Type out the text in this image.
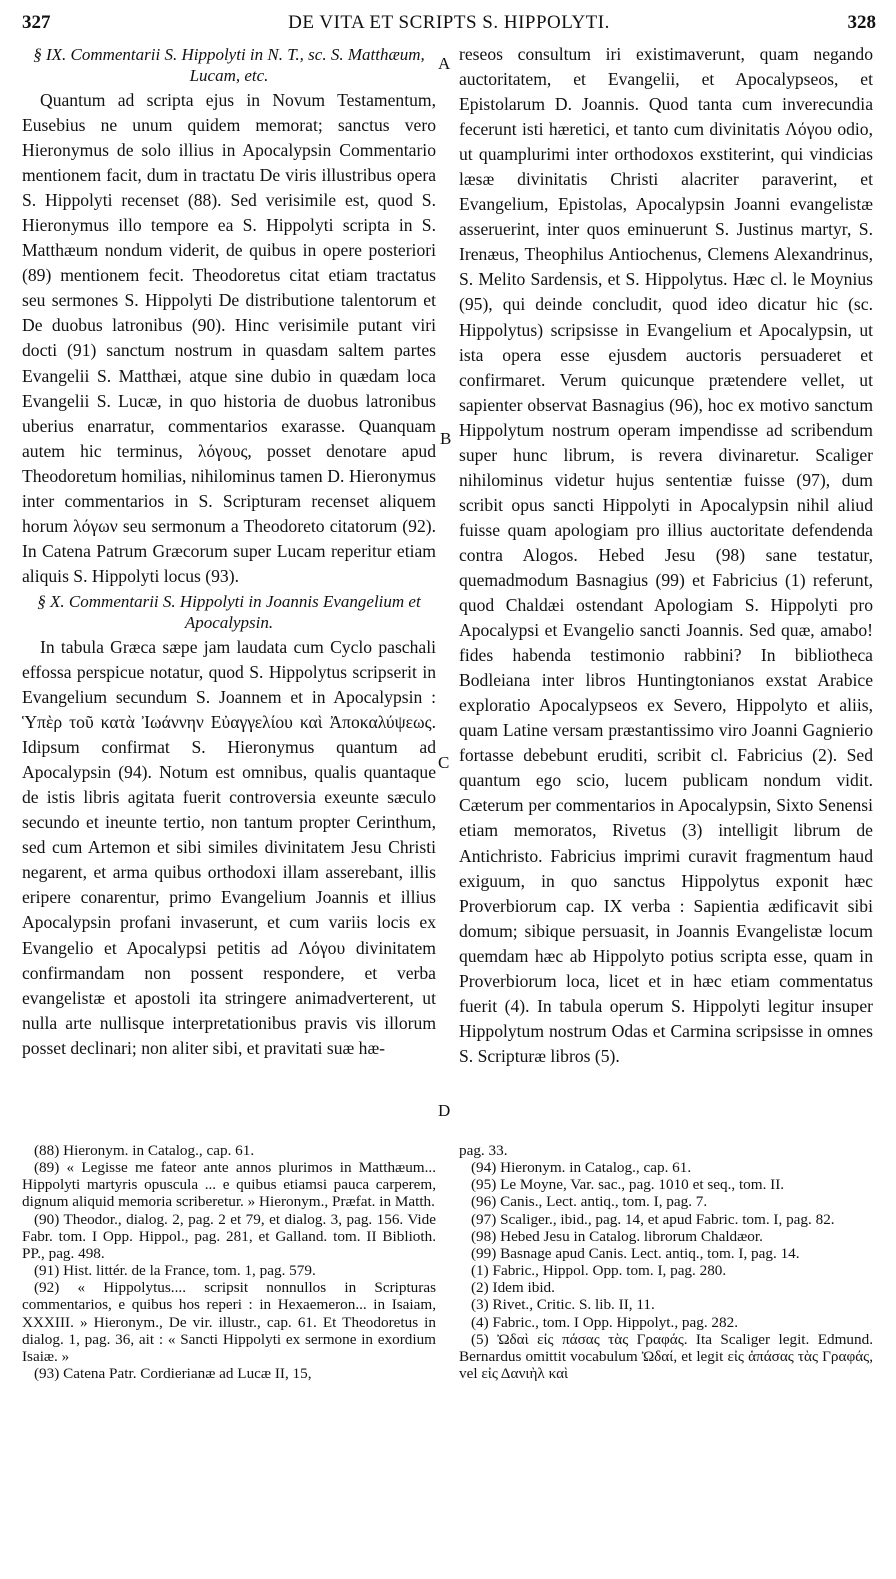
327	DE VITA ET SCRIPTS S. HIPPOLYTI.	328
A
B
C
D
§ IX. Commentarii S. Hippolyti in N. T., sc. S. Matthæum, Lucam, etc.

Quantum ad scripta ejus in Novum Testamentum, Eusebius ne unum quidem memorat; sanctus vero Hieronymus de solo illius in Apocalypsin Commentario mentionem facit, dum in tractatu De viris illustribus opera S. Hippolyti recenset (88). Sed verisimile est, quod S. Hieronymus illo tempore ea S. Hippolyti scripta in S. Matthæum nondum viderit, de quibus in opere posteriori (89) mentionem fecit. Theodoretus citat etiam tractatus seu sermones S. Hippolyti De distributione talentorum et De duobus latronibus (90). Hinc verisimile putant viri docti (91) sanctum nostrum in quasdam saltem partes Evangelii S. Matthæi, atque sine dubio in quædam loca Evangelii S. Lucæ, in quo historia de duobus latronibus uberius enarratur, commentarios exarasse. Quanquam autem hic terminus, λόγους, posset denotare apud Theodoretum homilias, nihilominus tamen D. Hieronymus inter commentarios in S. Scripturam recenset aliquem horum λόγων seu sermonum a Theodoreto citatorum (92). In Catena Patrum Græcorum super Lucam reperitur etiam aliquis S. Hippolyti locus (93).

§ X. Commentarii S. Hippolyti in Joannis Evangelium et Apocalypsin.

In tabula Græca sæpe jam laudata cum Cyclo paschali effossa perspicue notatur, quod S. Hippolytus scripserit in Evangelium secundum S. Joannem et in Apocalypsin : Ὑπὲρ τοῦ κατὰ Ἰωάννην Εὐαγγελίου καὶ Ἀποκαλύψεως. Idipsum confirmat S. Hieronymus quantum ad Apocalypsin (94). Notum est omnibus, qualis quantaque de istis libris agitata fuerit controversia exeunte sæculo secundo et ineunte tertio, non tantum propter Cerinthum, sed cum Artemon et sibi similes divinitatem Jesu Christi negarent, et arma quibus orthodoxi illam asserebant, illis eripere conarentur, primo Evangelium Joannis et illius Apocalypsin profani invaserunt, et cum variis locis ex Evangelio et Apocalypsi petitis ad Λόγου divinitatem confirmandam non possent respondere, et verba evangelistæ et apostoli ita stringere animadverterent, ut nulla arte nullisque interpretationibus pravis vis illorum posset declinari; non aliter sibi, et pravitati suæ hæ-

reseos consultum iri existimaverunt, quam negando auctoritatem, et Evangelii, et Apocalypseos, et Epistolarum D. Joannis. Quod tanta cum inverecundia fecerunt isti hæretici, et tanto cum divinitatis Λόγου odio, ut quamplurimi inter orthodoxos exstiterint, qui vindicias læsæ divinitatis Christi alacriter paraverint, et Evangelium, Epistolas, Apocalypsin Joanni evangelistæ asseruerint, inter quos eminuerunt S. Justinus martyr, S. Irenæus, Theophilus Antiochenus, Clemens Alexandrinus, S. Melito Sardensis, et S. Hippolytus. Hæc cl. le Moynius (95), qui deinde concludit, quod ideo dicatur hic (sc. Hippolytus) scripsisse in Evangelium et Apocalypsin, ut ista opera esse ejusdem auctoris persuaderet et confirmaret. Verum quicunque prætendere vellet, ut sapienter observat Basnagius (96), hoc ex motivo sanctum Hippolytum nostrum operam impendisse ad scribendum super hunc librum, is revera divinaretur. Scaliger nihilominus videtur hujus sententiæ fuisse (97), dum scribit opus sancti Hippolyti in Apocalypsin nihil aliud fuisse quam apologiam pro illius auctoritate defendenda contra Alogos. Hebed Jesu (98) sane testatur, quemadmodum Basnagius (99) et Fabricius (1) referunt, quod Chaldæi ostendant Apologiam S. Hippolyti pro Apocalypsi et Evangelio sancti Joannis. Sed quæ, amabo! fides habenda testimonio rabbini? In bibliotheca Bodleiana inter libros Huntingtonianos exstat Arabice exploratio Apocalypseos ex Severo, Hippolyto et aliis, quam Latine versam præstantissimo viro Joanni Gagnierio fortasse debebunt eruditi, scribit cl. Fabricius (2). Sed quantum ego scio, lucem publicam nondum vidit. Cæterum per commentarios in Apocalypsin, Sixto Senensi etiam memoratos, Rivetus (3) intelligit librum de Antichristo. Fabricius imprimi curavit fragmentum haud exiguum, in quo sanctus Hippolytus exponit hæc Proverbiorum cap. IX verba : Sapientia ædificavit sibi domum; sibique persuasit, in Joannis Evangelistæ locum quemdam hæc ab Hippolyto potius scripta esse, quam in Proverbiorum loca, licet et in hæc etiam commentatus fuerit (4). In tabula operum S. Hippolyti legitur insuper Hippolytum nostrum Odas et Carmina scripsisse in omnes S. Scripturæ libros (5).

(88) Hieronym. in Catalog., cap. 61.

(89) « Legisse me fateor ante annos plurimos in Matthæum... Hippolyti martyris opuscula ... e quibus etiamsi pauca carperem, dignum aliquid memoria scriberetur. » Hieronym., Præfat. in Matth.

(90) Theodor., dialog. 2, pag. 2 et 79, et dialog. 3, pag. 156. Vide Fabr. tom. I Opp. Hippol., pag. 281, et Galland. tom. II Biblioth. PP., pag. 498.

(91) Hist. littér. de la France, tom. 1, pag. 579.

(92) « Hippolytus.... scripsit nonnullos in Scripturas commentarios, e quibus hos reperi : in Hexaemeron... in Isaiam, XXXIII. » Hieronym., De vir. illustr., cap. 61. Et Theodoretus in dialog. 1, pag. 36, ait : « Sancti Hippolyti ex sermone in exordium Isaiæ. »

(93) Catena Patr. Cordierianæ ad Lucæ II, 15,

pag. 33.

(94) Hieronym. in Catalog., cap. 61.

(95) Le Moyne, Var. sac., pag. 1010 et seq., tom. II.

(96) Canis., Lect. antiq., tom. I, pag. 7.

(97) Scaliger., ibid., pag. 14, et apud Fabric. tom. I, pag. 82.

(98) Hebed Jesu in Catalog. librorum Chaldæor.

(99) Basnage apud Canis. Lect. antiq., tom. I, pag. 14.

(1) Fabric., Hippol. Opp. tom. I, pag. 280.

(2) Idem ibid.

(3) Rivet., Critic. S. lib. II, 11.

(4) Fabric., tom. I Opp. Hippolyt., pag. 282.

(5) Ὠδαὶ εἰς πάσας τὰς Γραφάς. Ita Scaliger legit. Edmund. Bernardus omittit vocabulum Ὠδαί, et legit εἰς ἁπάσας τὰς Γραφάς, vel εἰς Δανιὴλ καὶ
